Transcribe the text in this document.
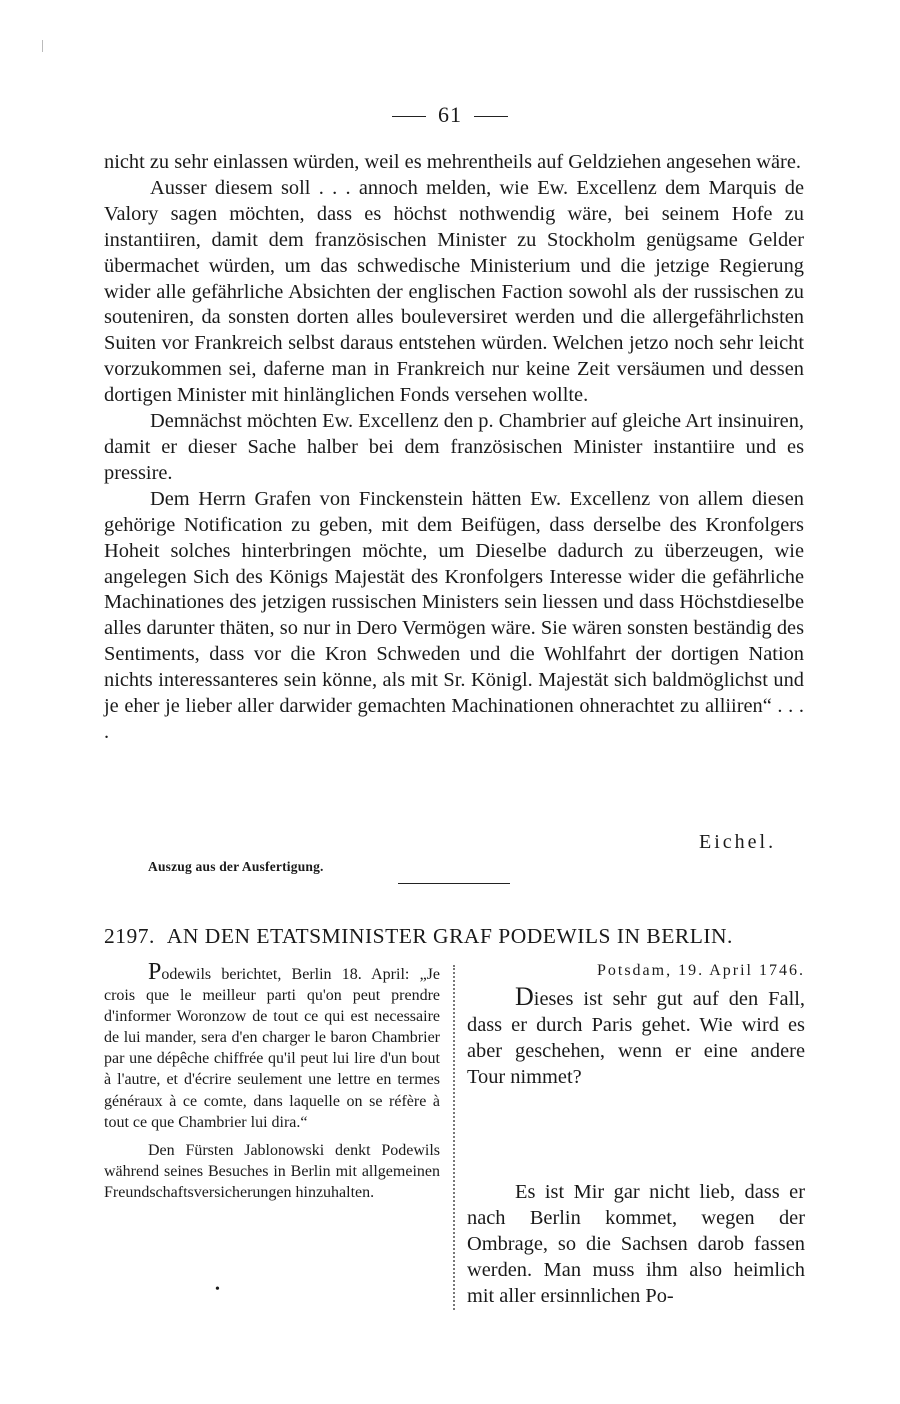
61

nicht zu sehr einlassen würden, weil es mehrentheils auf Geldziehen angesehen wäre.

Ausser diesem soll . . . annoch melden, wie Ew. Excellenz dem Marquis de Valory sagen möchten, dass es höchst nothwendig wäre, bei seinem Hofe zu instantiiren, damit dem französischen Minister zu Stockholm genügsame Gelder übermachet würden, um das schwedische Ministerium und die jetzige Regierung wider alle gefährliche Absichten der englischen Faction sowohl als der russischen zu souteniren, da sonsten dorten alles bouleversiret werden und die allergefährlichsten Suiten vor Frankreich selbst daraus entstehen würden. Welchen jetzo noch sehr leicht vorzukommen sei, daferne man in Frankreich nur keine Zeit versäumen und dessen dortigen Minister mit hinlänglichen Fonds versehen wollte.

Demnächst möchten Ew. Excellenz den p. Chambrier auf gleiche Art insinuiren, damit er dieser Sache halber bei dem französischen Minister instantiire und es pressire.

Dem Herrn Grafen von Finckenstein hätten Ew. Excellenz von allem diesen gehörige Notification zu geben, mit dem Beifügen, dass derselbe des Kronfolgers Hoheit solches hinterbringen möchte, um Dieselbe dadurch zu überzeugen, wie angelegen Sich des Königs Majestät des Kronfolgers Interesse wider die gefährliche Machinationes des jetzigen russischen Ministers sein liessen und dass Höchstdieselbe alles darunter thäten, so nur in Dero Vermögen wäre. Sie wären sonsten beständig des Sentiments, dass vor die Kron Schweden und die Wohlfahrt der dortigen Nation nichts interessanteres sein könne, als mit Sr. Königl. Majestät sich baldmöglichst und je eher je lieber aller darwider gemachten Machinationen ohnerachtet zu alliiren“ . . . .

Eichel.
Auszug aus der Ausfertigung.
2197. AN DEN ETATSMINISTER GRAF PODEWILS IN BERLIN.

Podewils berichtet, Berlin 18. April: „Je crois que le meilleur parti qu'on peut prendre d'informer Woronzow de tout ce qui est necessaire de lui mander, sera d'en charger le baron Chambrier par une dépêche chiffrée qu'il peut lui lire d'un bout à l'autre, et d'écrire seulement une lettre en termes généraux à ce comte, dans laquelle on se réfère à tout ce que Chambrier lui dira.“

Den Fürsten Jablonowski denkt Podewils während seines Besuches in Berlin mit allgemeinen Freundschaftsversicherungen hinzuhalten.

•
Potsdam, 19. April 1746.

Dieses ist sehr gut auf den Fall, dass er durch Paris gehet. Wie wird es aber geschehen, wenn er eine andere Tour nimmet?

Es ist Mir gar nicht lieb, dass er nach Berlin kommet, wegen der Ombrage, so die Sachsen darob fassen werden. Man muss ihm also heimlich mit aller ersinnlichen Po-
